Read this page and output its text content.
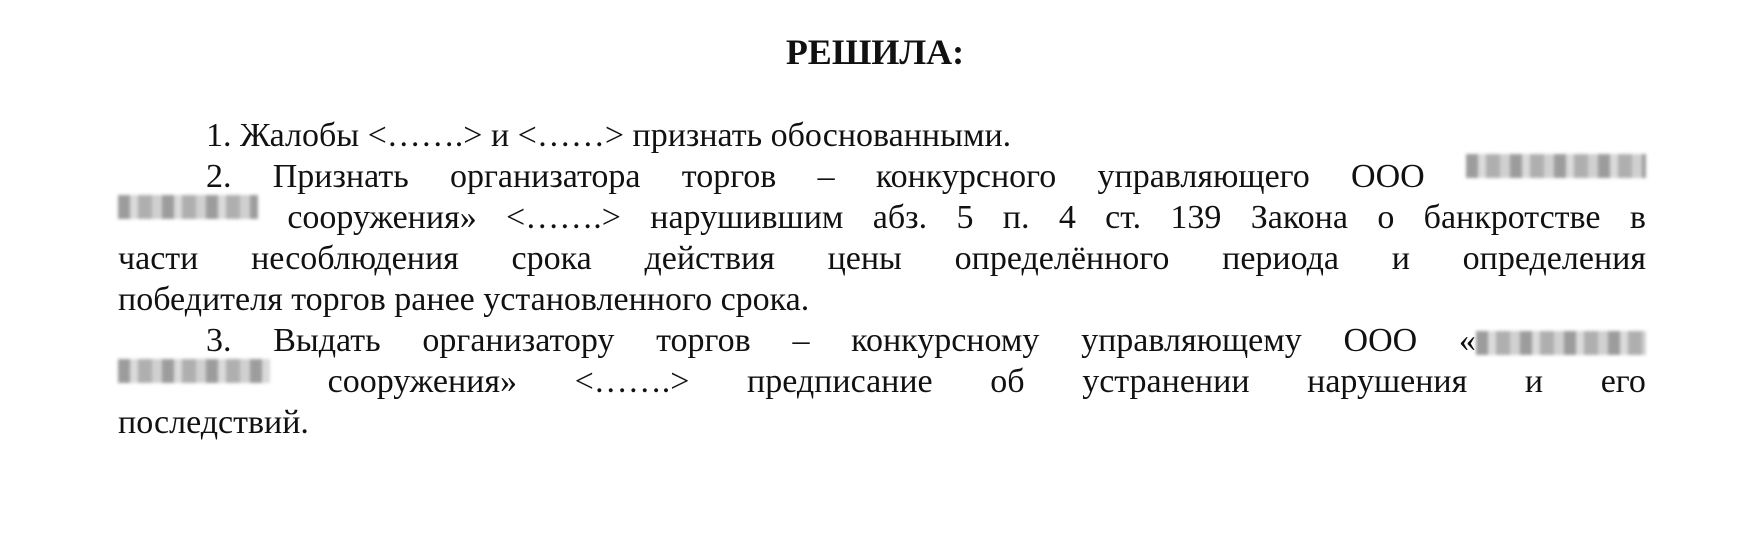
РЕШИЛА:
1. Жалобы <…….> и <……> признать обоснованными.
2. Признать организатора торгов – конкурсного управляющего ООО
сооружения» <…….> нарушившим абз. 5 п. 4 ст. 139 Закона о банкротстве в
части несоблюдения срока действия цены определённого периода и определения
победителя торгов ранее установленного срока.
3. Выдать организатору торгов – конкурсному управляющему ООО «
сооружения» <…….> предписание об устранении нарушения и его
последствий.
